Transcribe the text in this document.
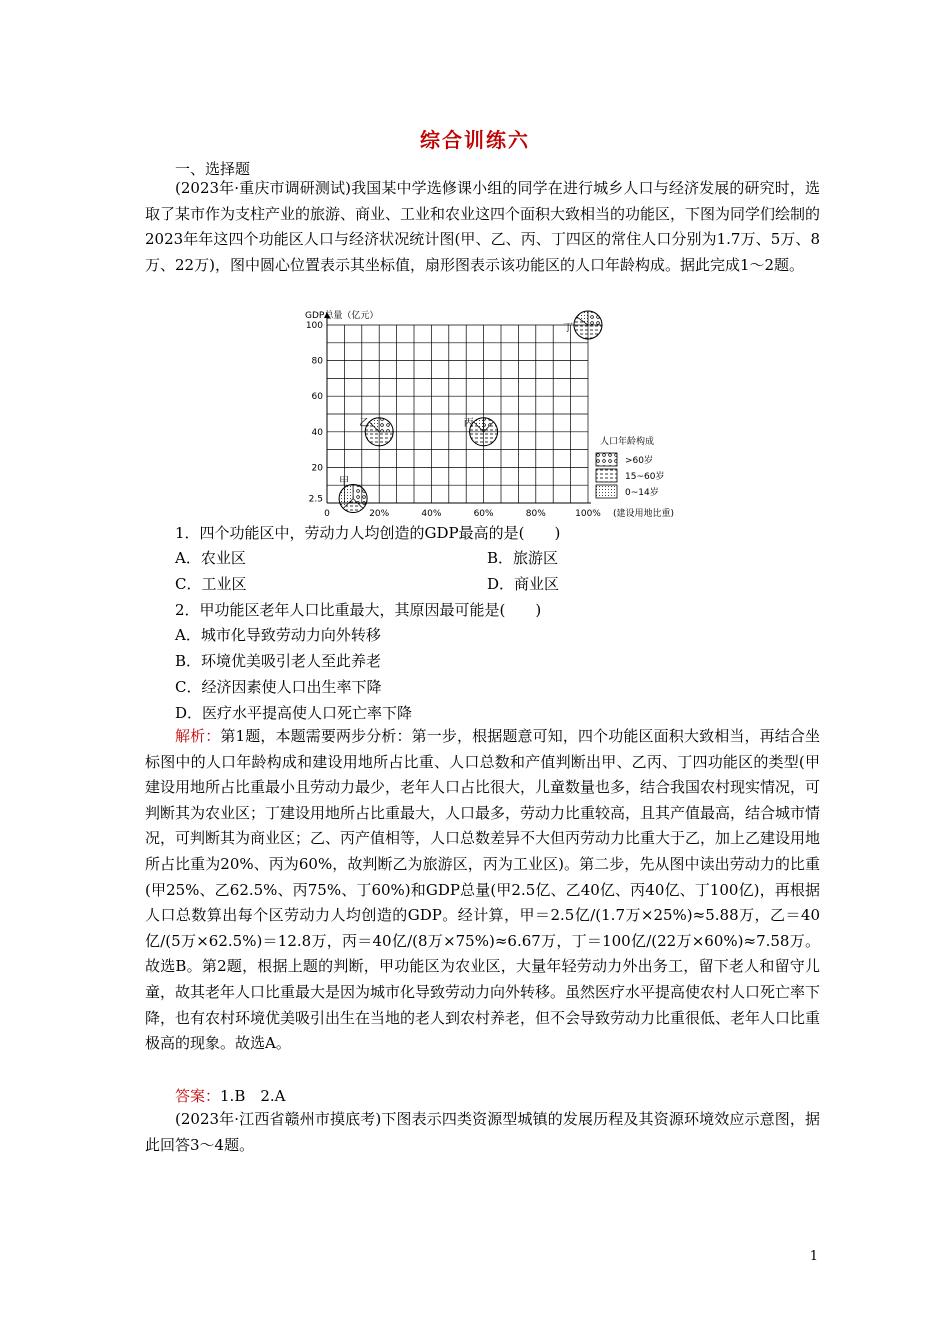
综合训练六
一、选择题

(2023年·重庆市调研测试)我国某中学选修课小组的同学在进行城乡人口与经济发展的研究时，选取了某市作为支柱产业的旅游、商业、工业和农业这四个面积大致相当的功能区，下图为同学们绘制的2023年年这四个功能区人口与经济状况统计图(甲、乙、丙、丁四区的常住人口分别为1.7万、5万、8万、22万)，图中圆心位置表示其坐标值，扇形图表示该功能区的人口年龄构成。据此完成1～2题。

0	20%	40%	60%	80%	100%
2.5
20
40
60
80
100
甲
乙	丙
丁
GDP总量（亿元）
(建设用地比重)
人口年龄构成
>60岁
15~60岁
0~14岁
1．四个功能区中，劳动力人均创造的GDP最高的是(　　)
A．农业区	B．旅游区
C．工业区	D．商业区
2．甲功能区老年人口比重最大，其原因最可能是(　　)
A．城市化导致劳动力向外转移
B．环境优美吸引老人至此养老
C．经济因素使人口出生率下降
D．医疗水平提高使人口死亡率下降

解析：第1题，本题需要两步分析：第一步，根据题意可知，四个功能区面积大致相当，再结合坐标图中的人口年龄构成和建设用地所占比重、人口总数和产值判断出甲、乙丙、丁四功能区的类型(甲建设用地所占比重最小且劳动力最少，老年人口占比很大，儿童数量也多，结合我国农村现实情况，可判断其为农业区；丁建设用地所占比重最大，人口最多，劳动力比重较高，且其产值最高，结合城市情况，可判断其为商业区；乙、丙产值相等，人口总数差异不大但丙劳动力比重大于乙，加上乙建设用地所占比重为20%、丙为60%，故判断乙为旅游区，丙为工业区)。第二步，先从图中读出劳动力的比重(甲25%、乙62.5%、丙75%、丁60%)和GDP总量(甲2.5亿、乙40亿、丙40亿、丁100亿)，再根据人口总数算出每个区劳动力人均创造的GDP。经计算，甲＝2.5亿/(1.7万×25%)≈5.88万，乙＝40亿/(5万×62.5%)＝12.8万，丙＝40亿/(8万×75%)≈6.67万，丁＝100亿/(22万×60%)≈7.58万。故选B。第2题，根据上题的判断，甲功能区为农业区，大量年轻劳动力外出务工，留下老人和留守儿童，故其老年人口比重最大是因为城市化导致劳动力向外转移。虽然医疗水平提高使农村人口死亡率下降，也有农村环境优美吸引出生在当地的老人到农村养老，但不会导致劳动力比重很低、老年人口比重极高的现象。故选A。

答案：1.B　2.A

(2023年·江西省赣州市摸底考)下图表示四类资源型城镇的发展历程及其资源环境效应示意图，据此回答3～4题。

1
